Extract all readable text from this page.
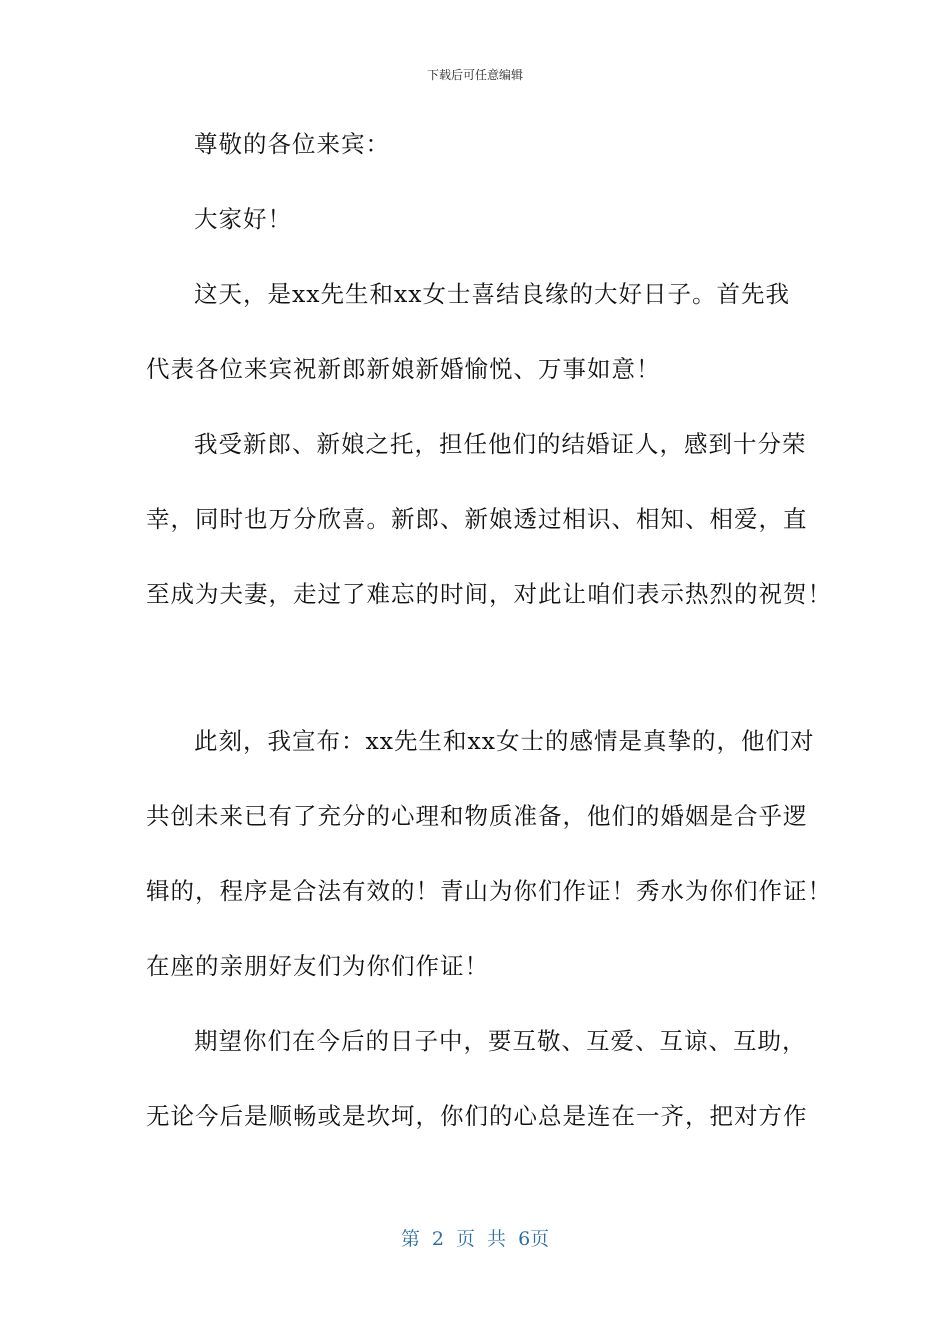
下载后可任意编辑
尊敬的各位来宾：
大家好！
这天，是xx先生和xx女士喜结良缘的大好日子。首先我
代表各位来宾祝新郎新娘新婚愉悦、万事如意！
我受新郎、新娘之托，担任他们的结婚证人，感到十分荣
幸，同时也万分欣喜。新郎、新娘透过相识、相知、相爱，直
至成为夫妻，走过了难忘的时间，对此让咱们表示热烈的祝贺！
此刻，我宣布：xx先生和xx女士的感情是真挚的，他们对
共创未来已有了充分的心理和物质准备，他们的婚姻是合乎逻
辑的，程序是合法有效的！青山为你们作证！秀水为你们作证！
在座的亲朋好友们为你们作证！
期望你们在今后的日子中，要互敬、互爱、互谅、互助，
无论今后是顺畅或是坎坷，你们的心总是连在一齐，把对方作
第 2 页 共 6页
